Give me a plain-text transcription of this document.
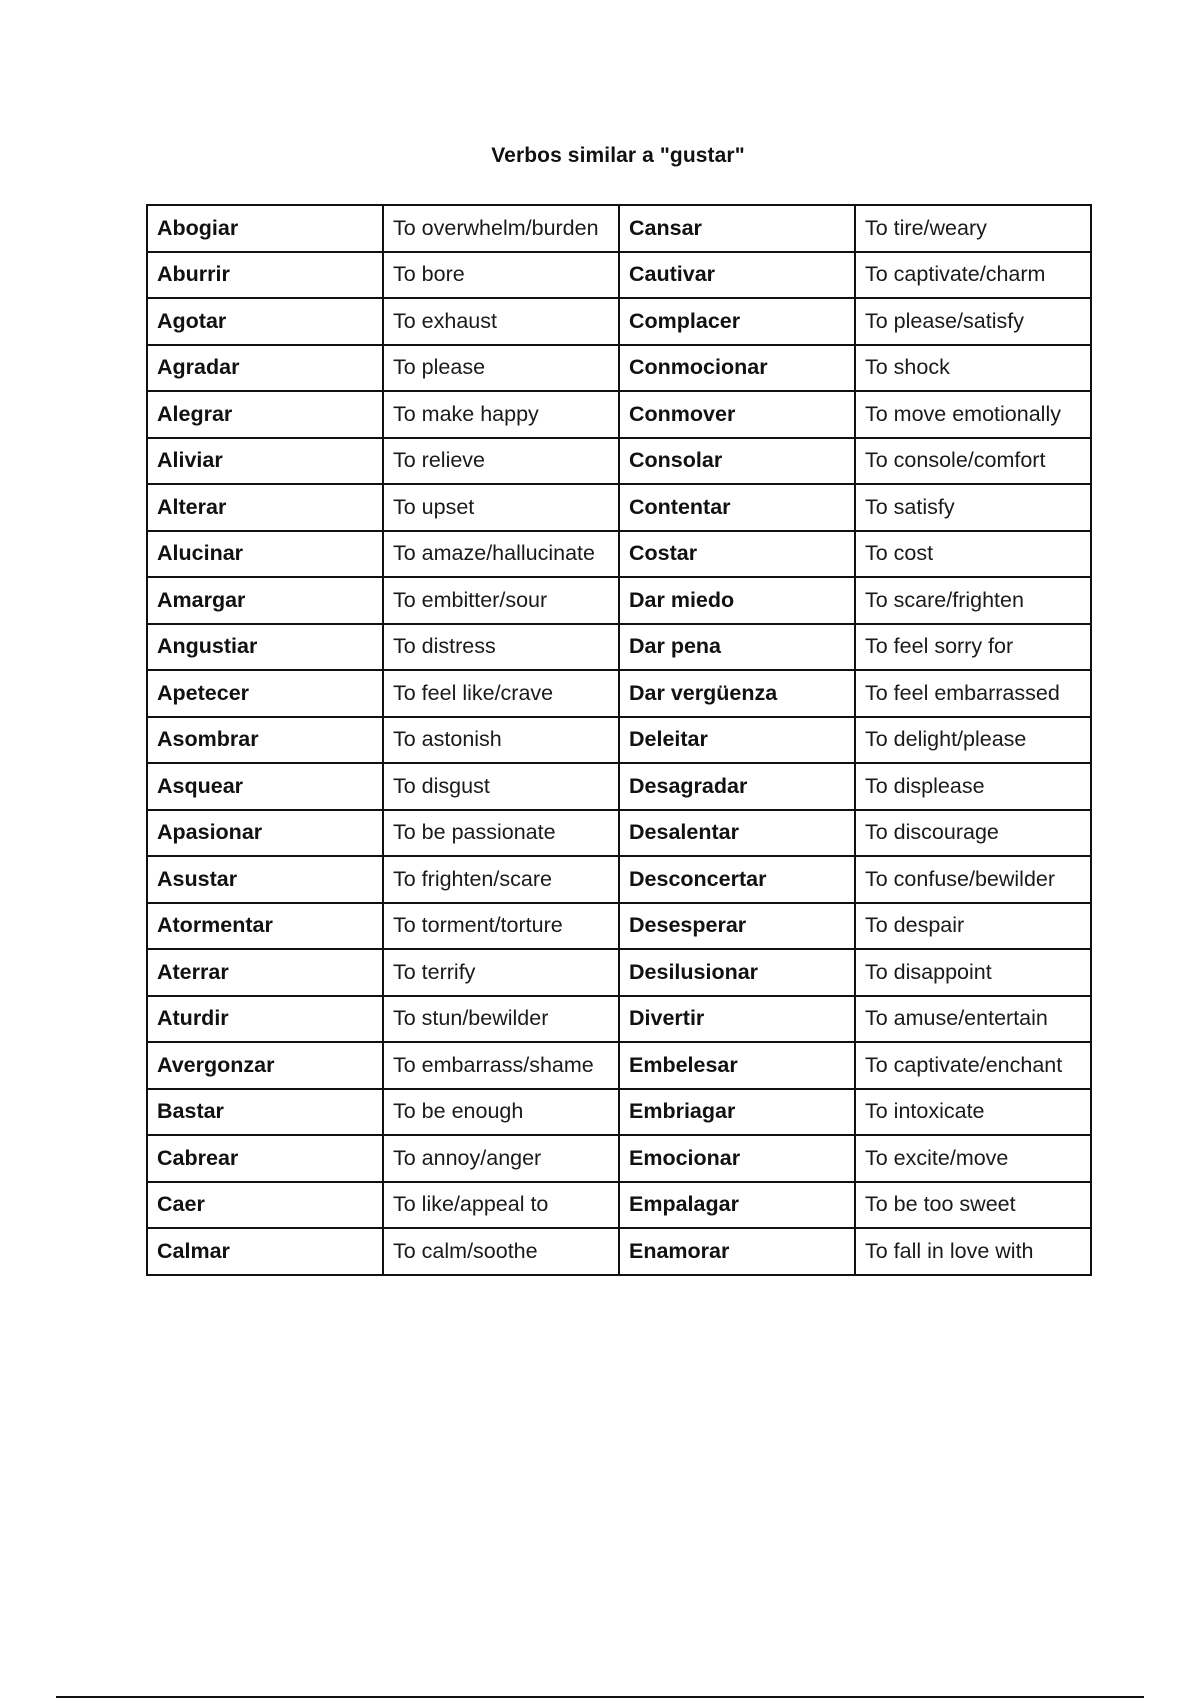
Verbos similar a "gustar"
Abogiar	To overwhelm/burden	Cansar	To tire/weary
Aburrir	To bore	Cautivar	To captivate/charm
Agotar	To exhaust	Complacer	To please/satisfy
Agradar	To please	Conmocionar	To shock
Alegrar	To make happy	Conmover	To move emotionally
Aliviar	To relieve	Consolar	To console/comfort
Alterar	To upset	Contentar	To satisfy
Alucinar	To amaze/hallucinate	Costar	To cost
Amargar	To embitter/sour	Dar miedo	To scare/frighten
Angustiar	To distress	Dar pena	To feel sorry for
Apetecer	To feel like/crave	Dar vergüenza	To feel embarrassed
Asombrar	To astonish	Deleitar	To delight/please
Asquear	To disgust	Desagradar	To displease
Apasionar	To be passionate	Desalentar	To discourage
Asustar	To frighten/scare	Desconcertar	To confuse/bewilder
Atormentar	To torment/torture	Desesperar	To despair
Aterrar	To terrify	Desilusionar	To disappoint
Aturdir	To stun/bewilder	Divertir	To amuse/entertain
Avergonzar	To embarrass/shame	Embelesar	To captivate/enchant
Bastar	To be enough	Embriagar	To intoxicate
Cabrear	To annoy/anger	Emocionar	To excite/move
Caer	To like/appeal to	Empalagar	To be too sweet
Calmar	To calm/soothe	Enamorar	To fall in love with
